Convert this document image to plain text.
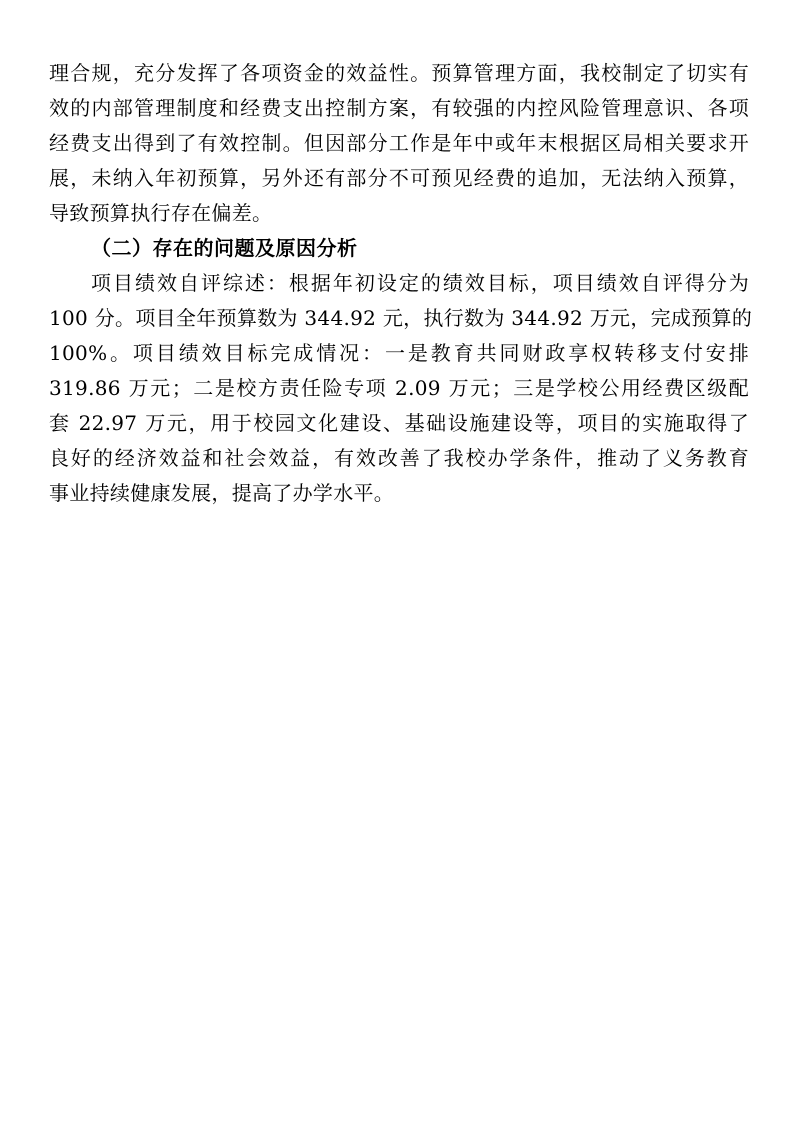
理合规，充分发挥了各项资金的效益性。预算管理方面，我校制定了切实有
效的内部管理制度和经费支出控制方案，有较强的内控风险管理意识、各项
经费支出得到了有效控制。但因部分工作是年中或年末根据区局相关要求开
展，未纳入年初预算，另外还有部分不可预见经费的追加，无法纳入预算，
导致预算执行存在偏差。
（二）存在的问题及原因分析
项目绩效自评综述：根据年初设定的绩效目标，项目绩效自评得分为
100 分。项目全年预算数为 344.92 元，执行数为 344.92 万元，完成预算的
100%。项目绩效目标完成情况：一是教育共同财政享权转移支付安排
319.86 万元；二是校方责任险专项 2.09 万元；三是学校公用经费区级配
套 22.97 万元，用于校园文化建设、基础设施建设等，项目的实施取得了
良好的经济效益和社会效益，有效改善了我校办学条件，推动了义务教育
事业持续健康发展，提高了办学水平。
